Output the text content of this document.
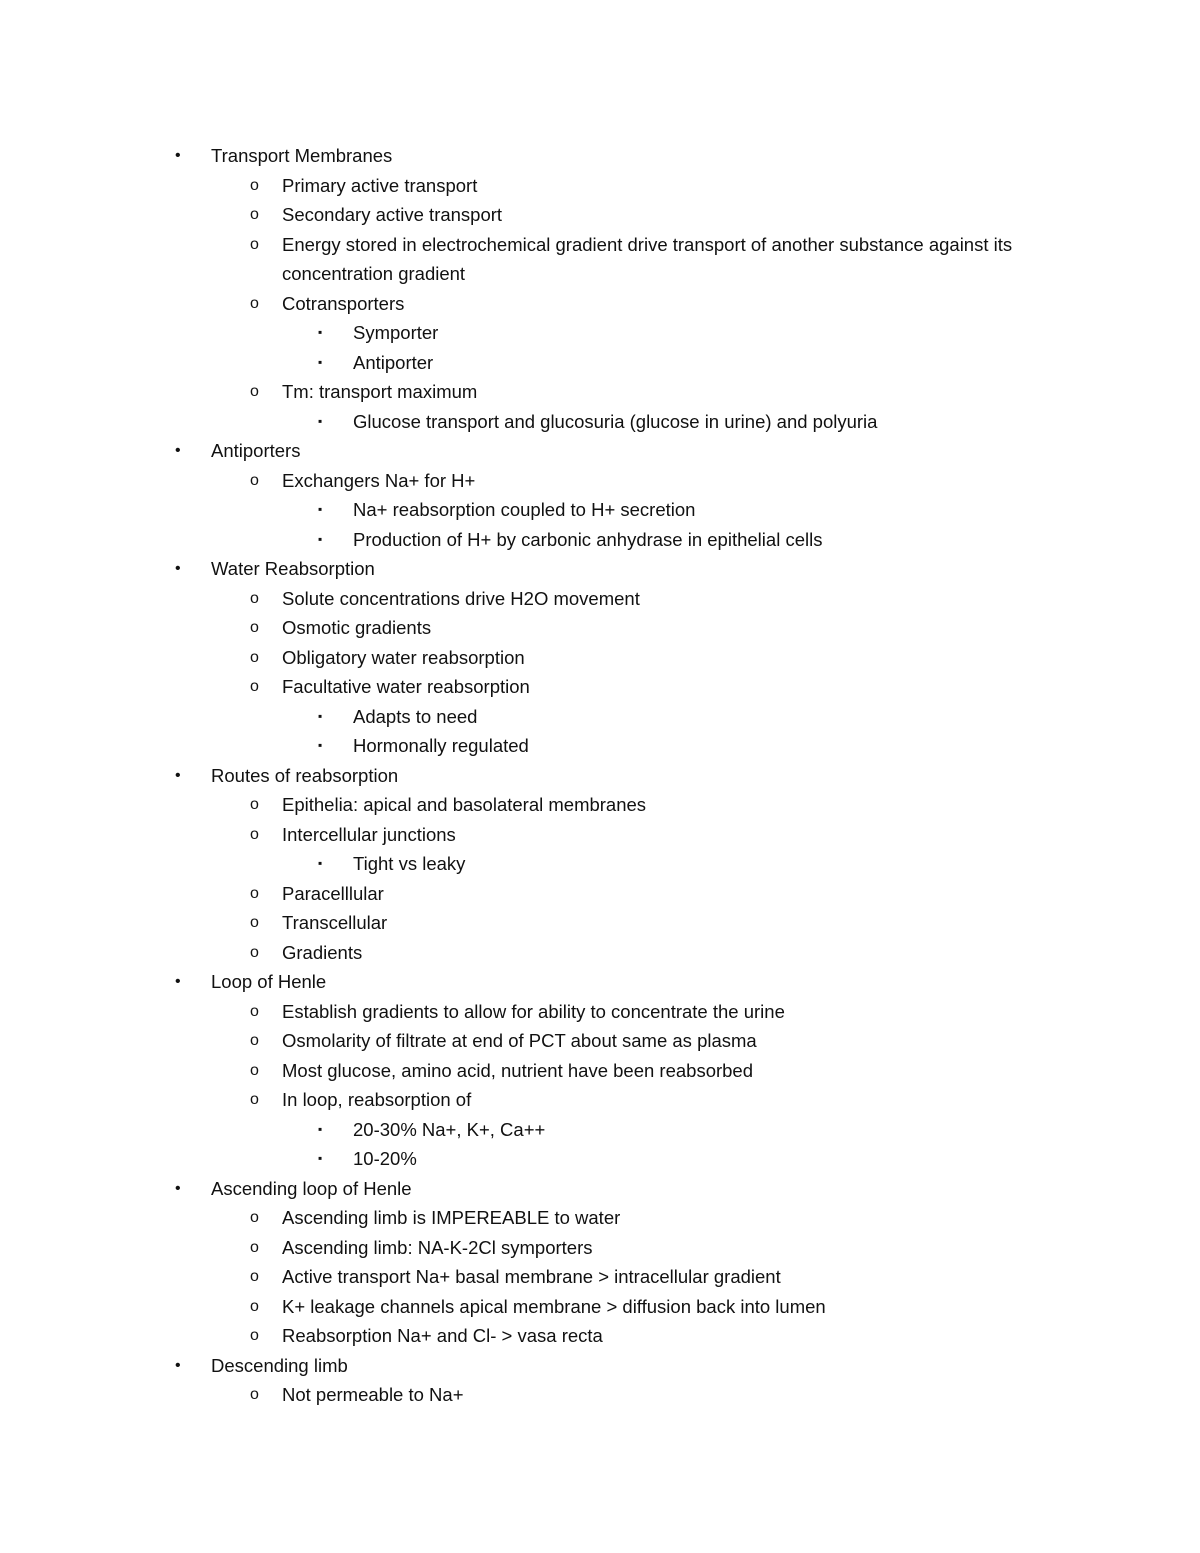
• Transport Membranes
o Primary active transport
o Secondary active transport
o Energy stored in electrochemical gradient drive transport of another substance against its concentration gradient
o Cotransporters
▪ Symporter
▪ Antiporter
o Tm: transport maximum
▪ Glucose transport and glucosuria (glucose in urine) and polyuria
• Antiporters
o Exchangers Na+ for H+
▪ Na+ reabsorption coupled to H+ secretion
▪ Production of H+ by carbonic anhydrase in epithelial cells
• Water Reabsorption
o Solute concentrations drive H2O movement
o Osmotic gradients
o Obligatory water reabsorption
o Facultative water reabsorption
▪ Adapts to need
▪ Hormonally regulated
• Routes of reabsorption
o Epithelia: apical and basolateral membranes
o Intercellular junctions
▪ Tight vs leaky
o Paracelllular
o Transcellular
o Gradients
• Loop of Henle
o Establish gradients to allow for ability to concentrate the urine
o Osmolarity of filtrate at end of PCT about same as plasma
o Most glucose, amino acid, nutrient have been reabsorbed
o In loop, reabsorption of
▪ 20-30% Na+, K+, Ca++
▪ 10-20%
• Ascending loop of Henle
o Ascending limb is IMPEREABLE to water
o Ascending limb: NA-K-2Cl symporters
o Active transport Na+ basal membrane > intracellular gradient
o K+ leakage channels apical membrane > diffusion back into lumen
o Reabsorption Na+ and Cl- > vasa recta
• Descending limb
o Not permeable to Na+
